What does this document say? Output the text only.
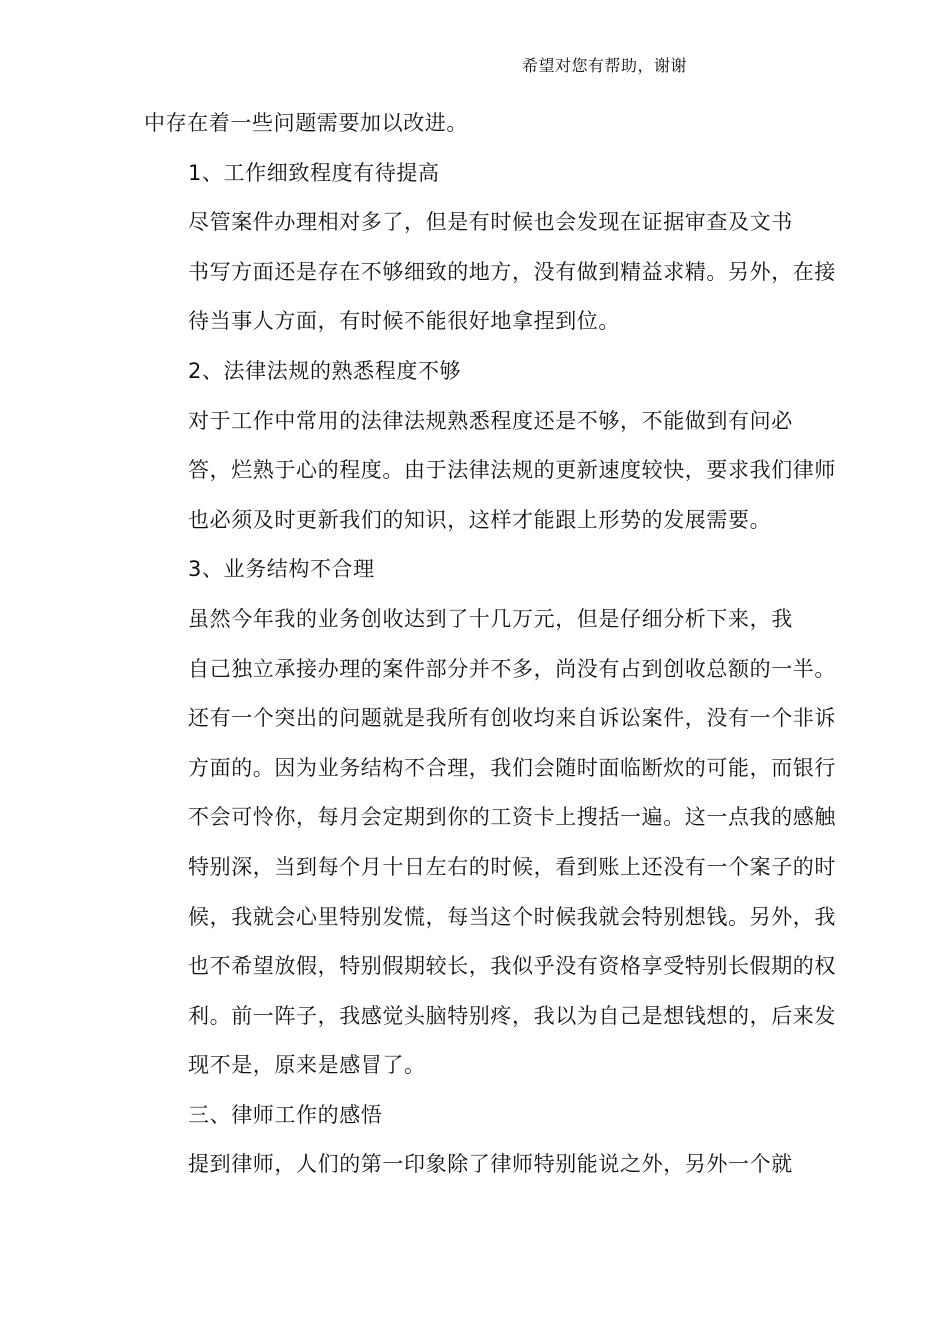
希望对您有帮助，谢谢

中存在着一些问题需要加以改进。

1、工作细致程度有待提高

尽管案件办理相对多了，但是有时候也会发现在证据审查及文书
书写方面还是存在不够细致的地方，没有做到精益求精。另外，在接
待当事人方面，有时候不能很好地拿捏到位。

2、法律法规的熟悉程度不够

对于工作中常用的法律法规熟悉程度还是不够，不能做到有问必
答，烂熟于心的程度。由于法律法规的更新速度较快，要求我们律师
也必须及时更新我们的知识，这样才能跟上形势的发展需要。

3、业务结构不合理

虽然今年我的业务创收达到了十几万元，但是仔细分析下来，我
自己独立承接办理的案件部分并不多，尚没有占到创收总额的一半。
还有一个突出的问题就是我所有创收均来自诉讼案件，没有一个非诉
方面的。因为业务结构不合理，我们会随时面临断炊的可能，而银行
不会可怜你，每月会定期到你的工资卡上搜括一遍。这一点我的感触
特别深，当到每个月十日左右的时候，看到账上还没有一个案子的时
候，我就会心里特别发慌，每当这个时候我就会特别想钱。另外，我
也不希望放假，特别假期较长，我似乎没有资格享受特别长假期的权
利。前一阵子，我感觉头脑特别疼，我以为自己是想钱想的，后来发
现不是，原来是感冒了。

三、律师工作的感悟

提到律师，人们的第一印象除了律师特别能说之外，另外一个就
